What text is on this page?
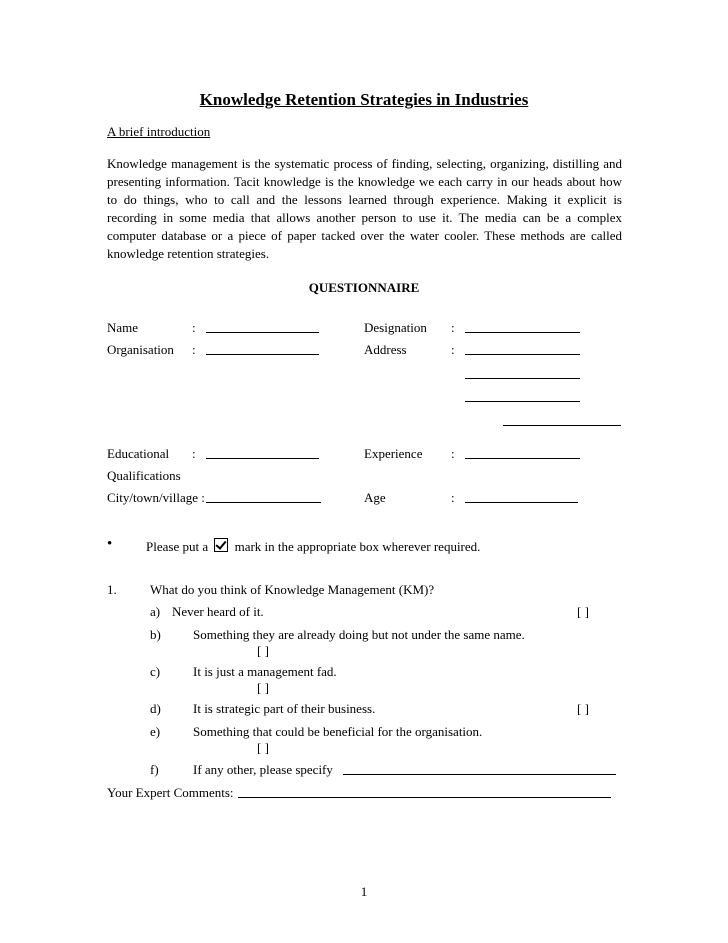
Knowledge Retention Strategies in Industries
A brief introduction
Knowledge management is the systematic process of finding, selecting, organizing, distilling and presenting information. Tacit knowledge is the knowledge we each carry in our heads about how to do things, who to call and the lessons learned through experience. Making it explicit is recording in some media that allows another person to use it. The media can be a complex computer database or a piece of paper tacked over the water cooler. These methods are called knowledge retention strategies.
QUESTIONNAIRE
Name	:	Designation :
Organisation :	Address	:
Educational :	Experience :
Qualifications
City/town/village :	Age	:
•	Please put a mark in the appropriate box wherever required.
1.	What do you think of Knowledge Management (KM)?
a) Never heard of it.	[ ]
b) Something they are already doing but not under the same name.
[ ]
c)	It is just a management fad.
[ ]
d) It is strategic part of their business.	[ ]
e)	Something that could be beneficial for the organisation.
[ ]
f)	If any other, please specify
Your Expert Comments:
1
